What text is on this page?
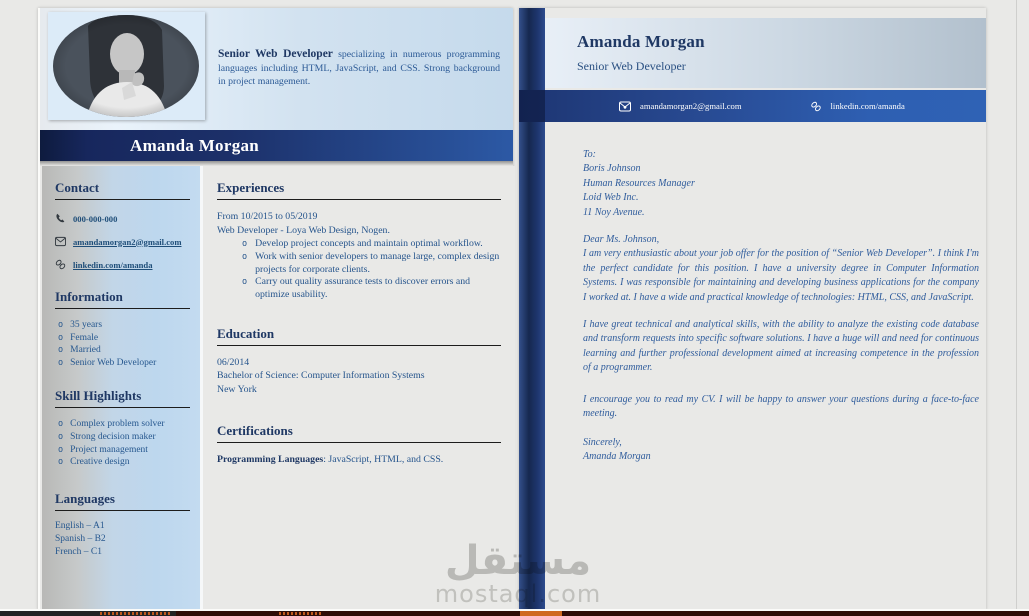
Senior Web Developer specializing in numerous programming languages including HTML, JavaScript, and CSS. Strong background in project management.

Amanda Morgan
Contact
000-000-000
amandamorgan2@gmail.com
linkedin.com/amanda
Information
o 35 years
o Female
o Married
o Senior Web Developer
Skill Highlights
o Complex problem solver
o Strong decision maker
o Project management
o Creative design
Languages
English – A1
Spanish – B2
French – C1
Experiences
From 10/2015 to 05/2019
Web Developer - Loya Web Design, Nogen.
o Develop project concepts and maintain optimal workflow.
o Work with senior developers to manage large, complex design projects for corporate clients.
o Carry out quality assurance tests to discover errors and optimize usability.
Education
06/2014
Bachelor of Science: Computer Information Systems
New York
Certifications
Programming Languages: JavaScript, HTML, and CSS.
Amanda Morgan
Senior Web Developer
amandamorgan2@gmail.com	linkedin.com/amanda
To:
Boris Johnson
Human Resources Manager
Loid Web Inc.
11 Noy Avenue.
Dear Ms. Johnson,

I am very enthusiastic about your job offer for the position of “Senior Web Developer”. I think I'm the perfect candidate for this position. I have a university degree in Computer Information Systems. I was responsible for maintaining and developing business applications for the company I worked at. I have a wide and practical knowledge of technologies: HTML, CSS, and JavaScript.

I have great technical and analytical skills, with the ability to analyze the existing code database and transform requests into specific software solutions. I have a huge will and need for continuous learning and further professional development aimed at increasing competence in the profession of a programmer.

I encourage you to read my CV. I will be happy to answer your questions during a face-to-face meeting.

Sincerely,
Amanda Morgan
مستقل
mostaql.com
